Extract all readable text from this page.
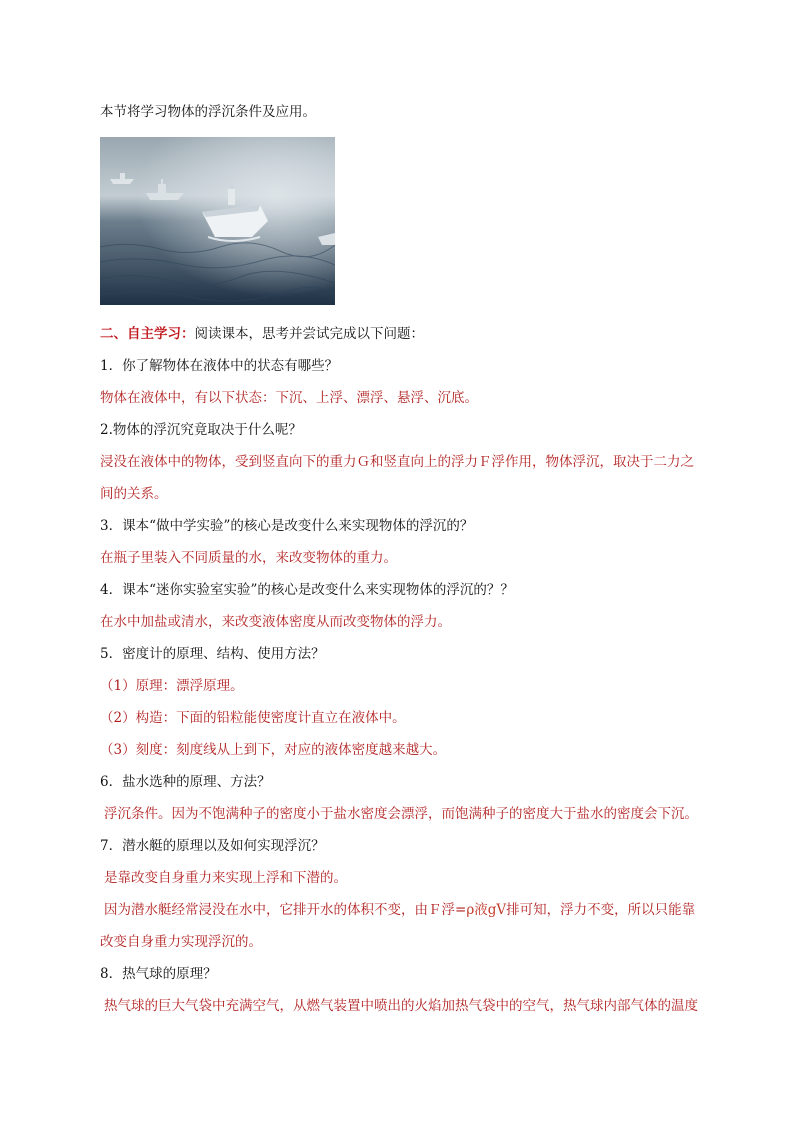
本节将学习物体的浮沉条件及应用。
二、自主学习：阅读课本，思考并尝试完成以下问题：
1．你了解物体在液体中的状态有哪些？
物体在液体中，有以下状态：下沉、上浮、漂浮、悬浮、沉底。
2.物体的浮沉究竟取决于什么呢？
浸没在液体中的物体，受到竖直向下的重力Ｇ和竖直向上的浮力Ｆ浮作用，物体浮沉，取决于二力之
间的关系。
3．课本“做中学实验”的核心是改变什么来实现物体的浮沉的？
在瓶子里装入不同质量的水，来改变物体的重力。
4．课本“迷你实验室实验”的核心是改变什么来实现物体的浮沉的？？
在水中加盐或清水，来改变液体密度从而改变物体的浮力。
5．密度计的原理、结构、使用方法？
（1）原理：漂浮原理。
（2）构造：下面的铅粒能使密度计直立在液体中。
（3）刻度：刻度线从上到下，对应的液体密度越来越大。
6．盐水选种的原理、方法？
浮沉条件。因为不饱满种子的密度小于盐水密度会漂浮，而饱满种子的密度大于盐水的密度会下沉。
7．潜水艇的原理以及如何实现浮沉？
是靠改变自身重力来实现上浮和下潜的。
因为潜水艇经常浸没在水中，它排开水的体积不变，由Ｆ浮=ρ液gV排可知，浮力不变，所以只能靠
改变自身重力实现浮沉的。
8．热气球的原理？
热气球的巨大气袋中充满空气，从燃气装置中喷出的火焰加热气袋中的空气，热气球内部气体的温度
